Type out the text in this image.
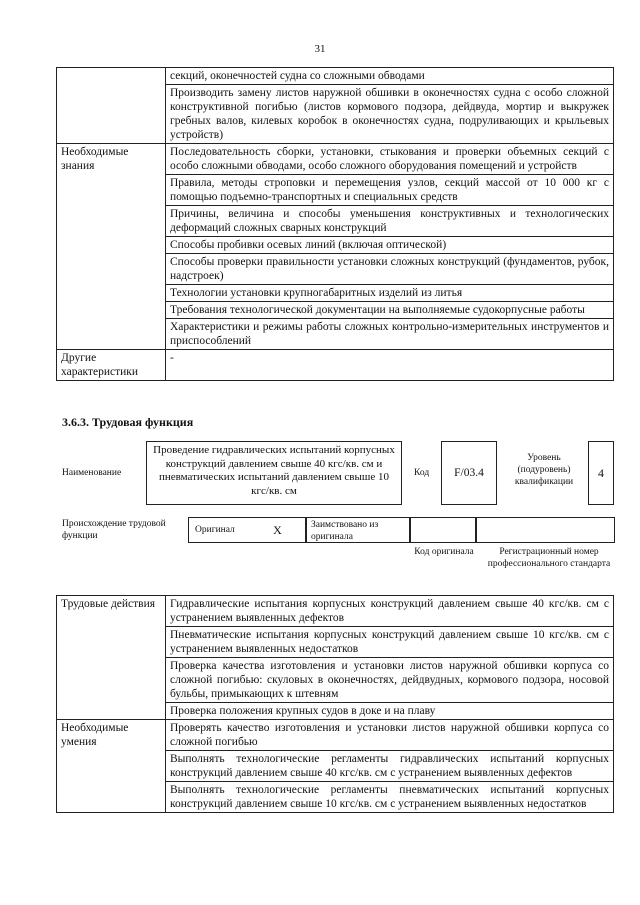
31
	секций, оконечностей судна со сложными обводами
	Производить замену листов наружной обшивки в оконечностях судна с особо сложной конструктивной погибью (листов кормового подзора, дейдвуда, мортир и выкружек гребных валов, килевых коробок в оконечностях судна, подруливающих и крыльевых устройств)
Необходимые знания	Последовательность сборки, установки, стыкования и проверки объемных секций с особо сложными обводами, особо сложного оборудования помещений и устройств
	Правила, методы строповки и перемещения узлов, секций массой от 10 000 кг с помощью подъемно-транспортных и специальных средств
	Причины, величина и способы уменьшения конструктивных и технологических деформаций сложных сварных конструкций
	Способы пробивки осевых линий (включая оптической)
	Способы проверки правильности установки сложных конструкций (фундаментов, рубок, надстроек)
	Технологии установки крупногабаритных изделий из литья
	Требования технологической документации на выполняемые судокорпусные работы
	Характеристики и режимы работы сложных контрольно-измерительных инструментов и приспособлений
Другие характеристики	-
3.6.3. Трудовая функция
Наименование
Проведение гидравлических испытаний корпусных конструкций давлением свыше 40 кгс/кв. см и пневматических испытаний давлением свыше 10 кгс/кв. см
Код	F/03.4
Уровень (подуровень) квалификации
4
Происхождение трудовой функции
Оригинал	X	Заимствовано из оригинала
Код оригинала	Регистрационный номер профессионального стандарта
Трудовые действия	Гидравлические испытания корпусных конструкций давлением свыше 40 кгс/кв. см с устранением выявленных дефектов
	Пневматические испытания корпусных конструкций давлением свыше 10 кгс/кв. см с устранением выявленных недостатков
	Проверка качества изготовления и установки листов наружной обшивки корпуса со сложной погибью: скуловых в оконечностях, дейдвудных, кормового подзора, носовой бульбы, примыкающих к штевням
	Проверка положения крупных судов в доке и на плаву
Необходимые умения	Проверять качество изготовления и установки листов наружной обшивки корпуса со сложной погибью
	Выполнять технологические регламенты гидравлических испытаний корпусных конструкций давлением свыше 40 кгс/кв. см с устранением выявленных дефектов
	Выполнять технологические регламенты пневматических испытаний корпусных конструкций давлением свыше 10 кгс/кв. см с устранением выявленных недостатков
